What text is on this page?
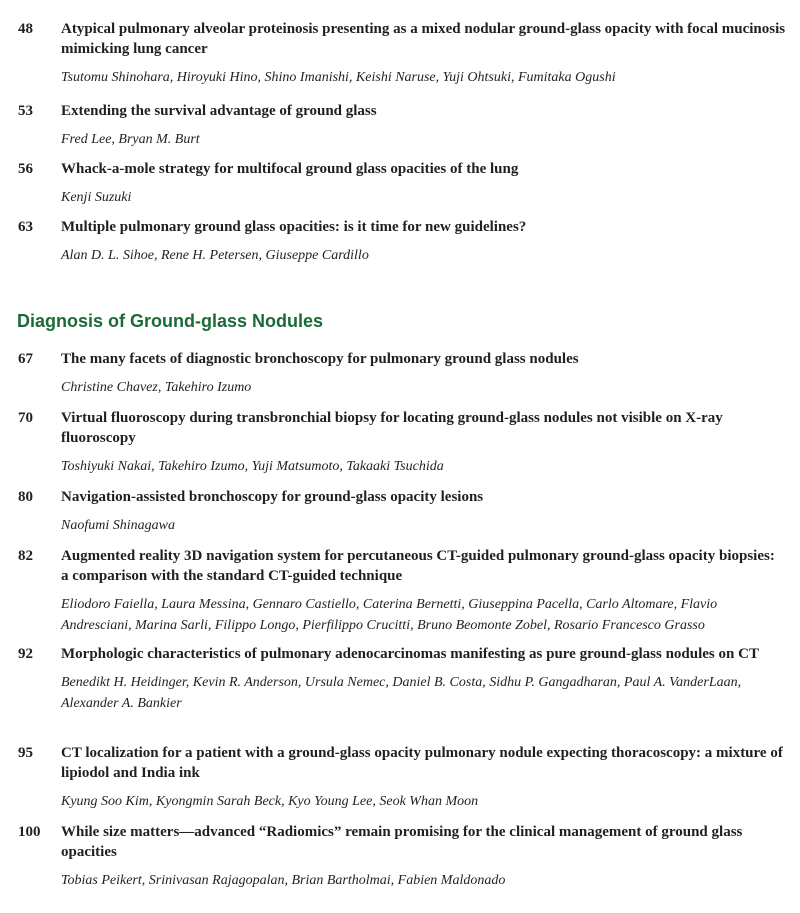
48 Atypical pulmonary alveolar proteinosis presenting as a mixed nodular ground-glass opacity with focal mucinosis mimicking lung cancer

Tsutomu Shinohara, Hiroyuki Hino, Shino Imanishi, Keishi Naruse, Yuji Ohtsuki, Fumitaka Ogushi
53 Extending the survival advantage of ground glass

Fred Lee, Bryan M. Burt
56 Whack-a-mole strategy for multifocal ground glass opacities of the lung

Kenji Suzuki
63 Multiple pulmonary ground glass opacities: is it time for new guidelines?

Alan D. L. Sihoe, Rene H. Petersen, Giuseppe Cardillo
Diagnosis of Ground-glass Nodules
67 The many facets of diagnostic bronchoscopy for pulmonary ground glass nodules

Christine Chavez, Takehiro Izumo
70 Virtual fluoroscopy during transbronchial biopsy for locating ground-glass nodules not visible on X-ray fluoroscopy

Toshiyuki Nakai, Takehiro Izumo, Yuji Matsumoto, Takaaki Tsuchida
80 Navigation-assisted bronchoscopy for ground-glass opacity lesions

Naofumi Shinagawa
82 Augmented reality 3D navigation system for percutaneous CT-guided pulmonary ground-glass opacity biopsies: a comparison with the standard CT-guided technique

Eliodoro Faiella, Laura Messina, Gennaro Castiello, Caterina Bernetti, Giuseppina Pacella, Carlo Altomare, Flavio Andresciani, Marina Sarli, Filippo Longo, Pierfilippo Crucitti, Bruno Beomonte Zobel, Rosario Francesco Grasso
92 Morphologic characteristics of pulmonary adenocarcinomas manifesting as pure ground-glass nodules on CT

Benedikt H. Heidinger, Kevin R. Anderson, Ursula Nemec, Daniel B. Costa, Sidhu P. Gangadharan, Paul A. VanderLaan, Alexander A. Bankier
95 CT localization for a patient with a ground-glass opacity pulmonary nodule expecting thoracoscopy: a mixture of lipiodol and India ink

Kyung Soo Kim, Kyongmin Sarah Beck, Kyo Young Lee, Seok Whan Moon
100 While size matters—advanced “Radiomics” remain promising for the clinical management of ground glass opacities

Tobias Peikert, Srinivasan Rajagopalan, Brian Bartholmai, Fabien Maldonado
